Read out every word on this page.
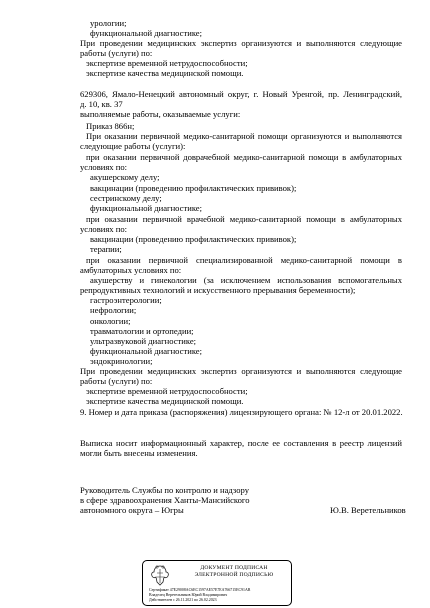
урологии;
функциональной диагностике;
При проведении медицинских экспертиз организуются и выполняются следующие
работы (услуги) по:
экспертизе временной нетрудоспособности;
экспертизе качества медицинской помощи.
629306, Ямало-Ненецкий автономный округ, г. Новый Уренгой, пр. Ленинградский,
д. 10, кв. 37
выполняемые работы, оказываемые услуги:
Приказ 866н;
При оказании первичной медико-санитарной помощи организуются и выполняются
следующие работы (услуги):
при оказании первичной доврачебной медико-санитарной помощи в амбулаторных
условиях по:
акушерскому делу;
вакцинации (проведению профилактических прививок);
сестринскому делу;
функциональной диагностике;
при оказании первичной врачебной медико-санитарной помощи в амбулаторных
условиях по:
вакцинации (проведению профилактических прививок);
терапии;
при оказании первичной специализированной медико-санитарной помощи в
амбулаторных условиях по:
акушерству и гинекологии (за исключением использования вспомогательных
репродуктивных технологий и искусственного прерывания беременности);
гастроэнтерологии;
нефрологии;
онкологии;
травматологии и ортопедии;
ультразвуковой диагностике;
функциональной диагностике;
эндокринологии;
При проведении медицинских экспертиз организуются и выполняются следующие
работы (услуги) по:
экспертизе временной нетрудоспособности;
экспертизе качества медицинской помощи.
9. Номер и дата приказа (распоряжения) лицензирующего органа: № 12-л от 20.01.2022.
Выписка носит информационный характер, после ее составления в реестр лицензий
могли быть внесены изменения.
Руководитель Службы по контролю и надзору
в сфере здравоохранения Ханты-Мансийского
автономного округа – Югры	Ю.В. Веретельников
ДОКУМЕНТ ПОДПИСАН
ЭЛЕКТРОННОЙ ПОДПИСЬЮ
Сертификат 47E29008AC6EC1597AE57E7EA766715EC91AB
Владелец Веретельников Юрий Владимирович
Действителен с 26.11.2021 по 26.02.2023
